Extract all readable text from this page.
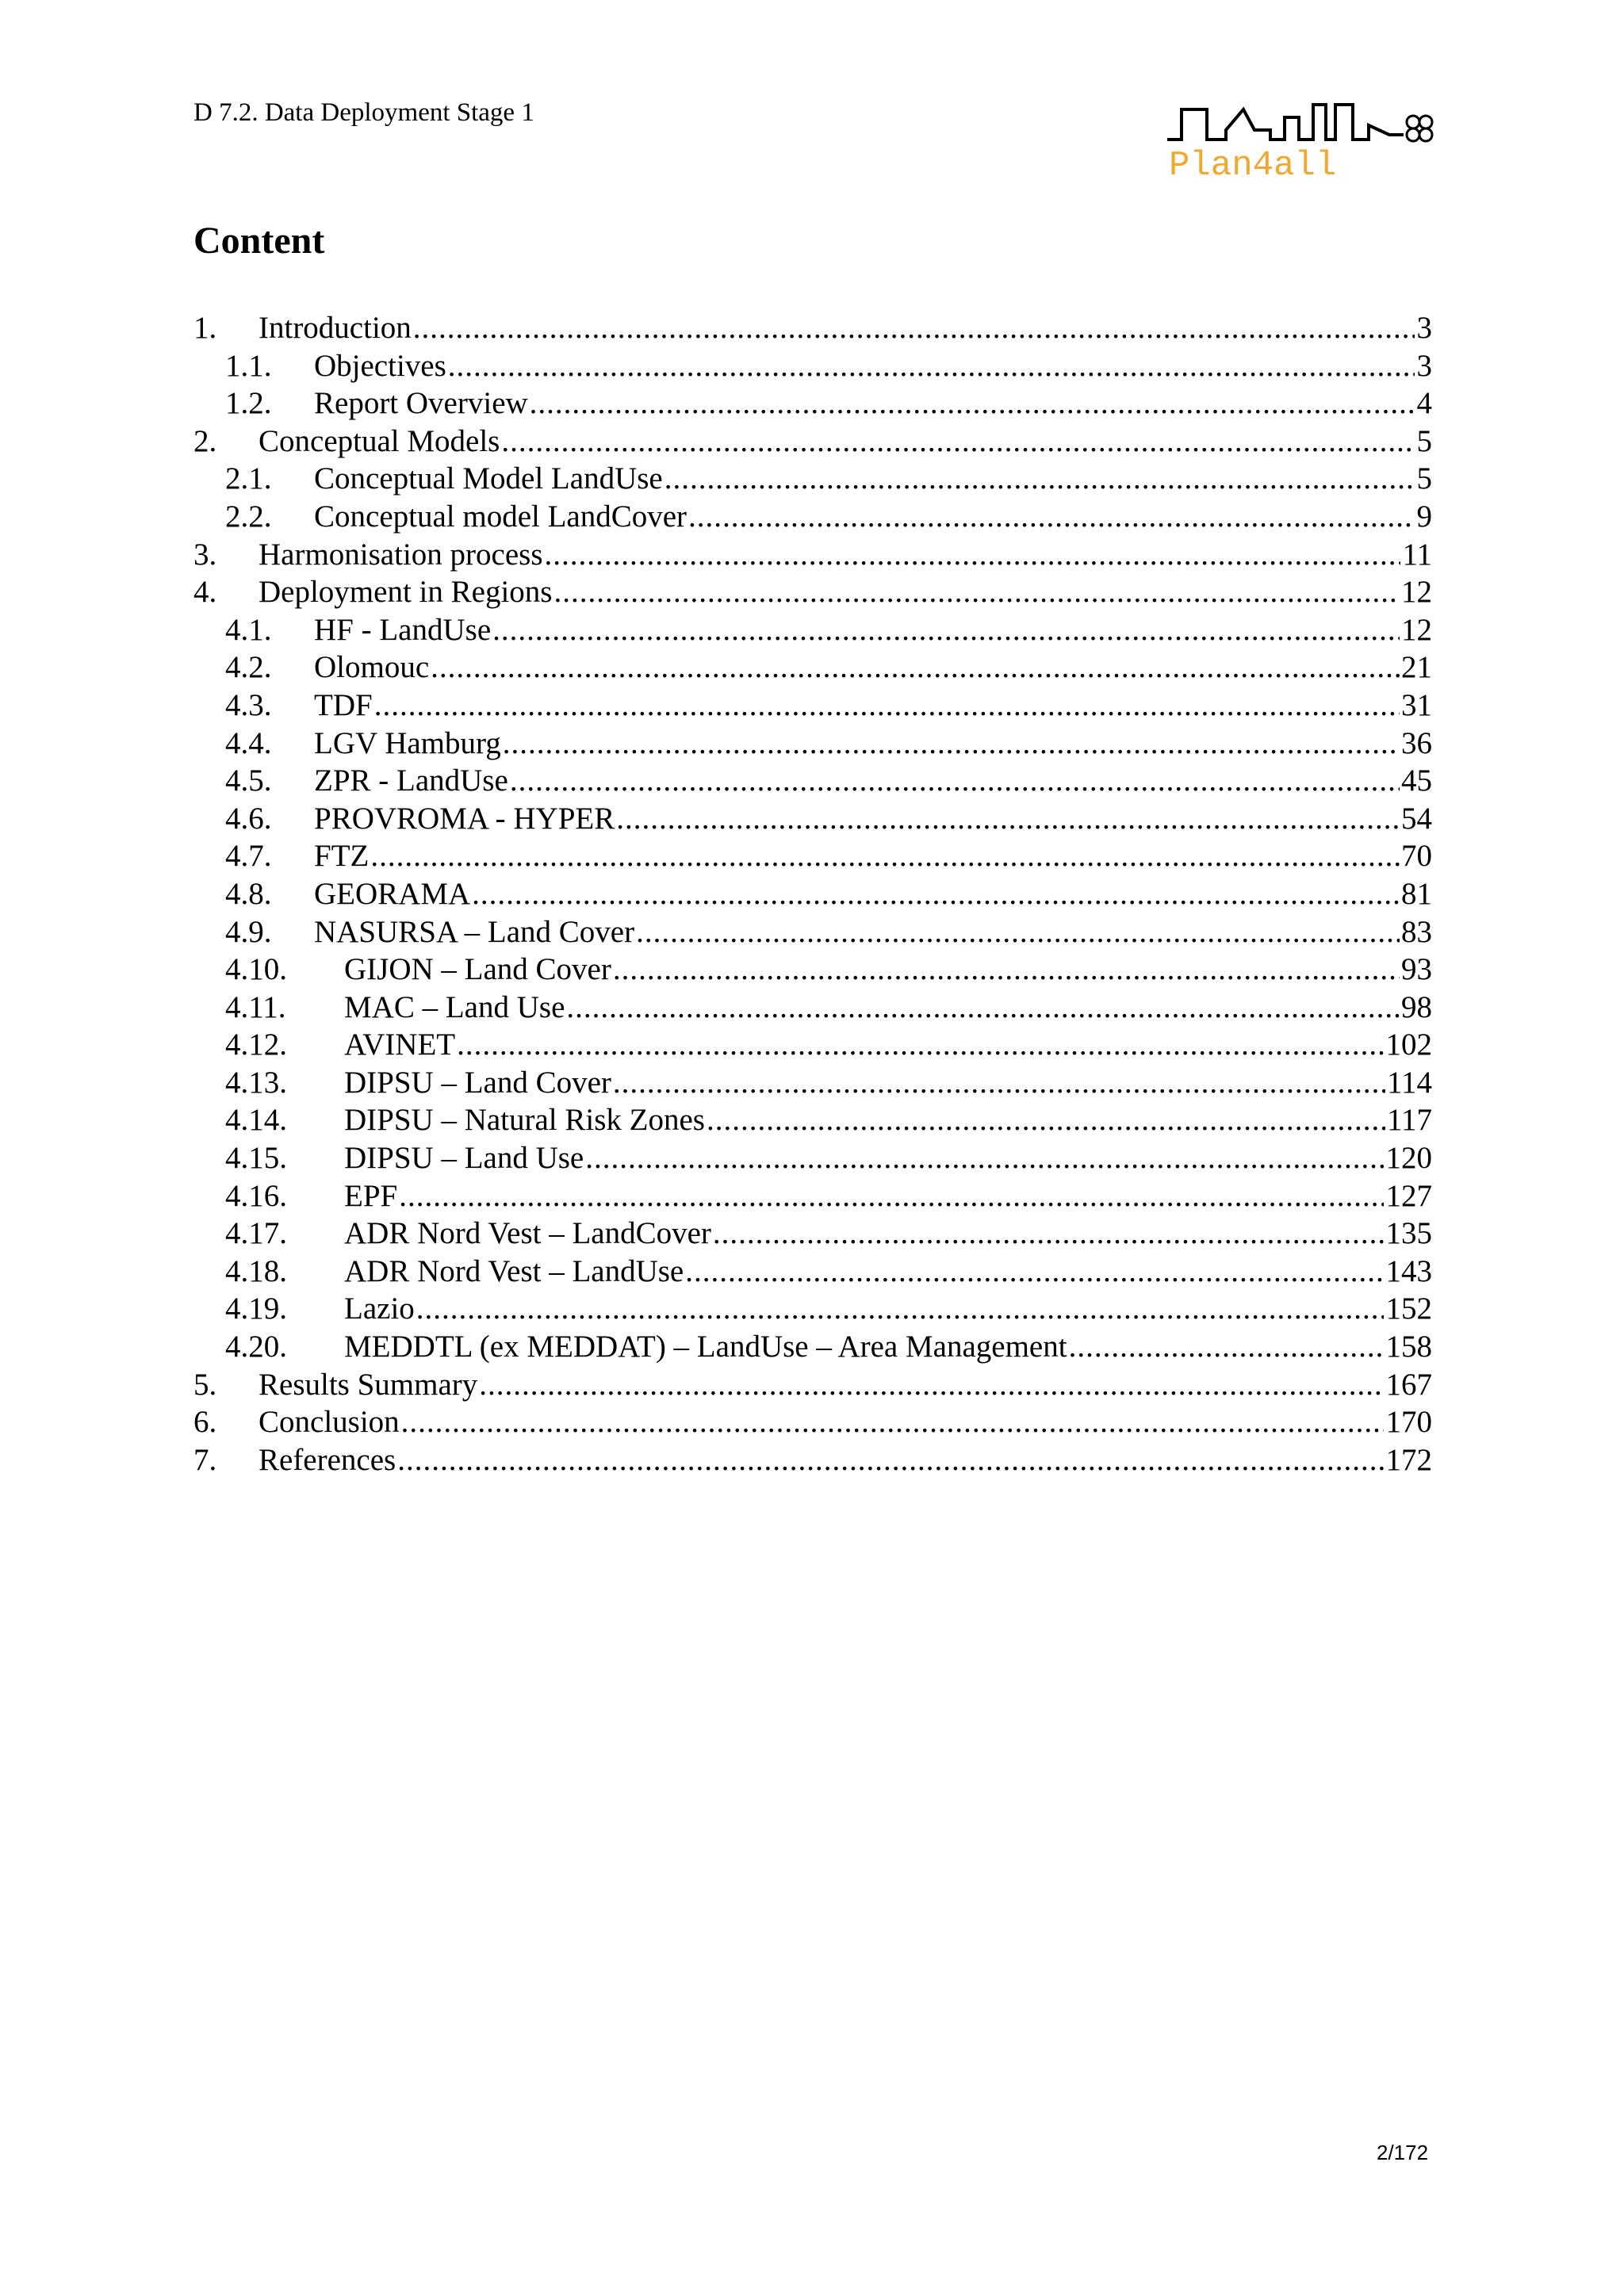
D 7.2. Data Deployment Stage 1
Plan4all
Content
1. Introduction .....	3
1.1. Objectives .....	3
1.2. Report Overview .....	4
2. Conceptual Models .....	5
2.1. Conceptual Model LandUse .....	5
2.2. Conceptual model LandCover .....	9
3. Harmonisation process .....	11
4. Deployment in Regions .....	12
4.1. HF - LandUse .....	12
4.2. Olomouc .....	21
4.3. TDF .....	31
4.4. LGV Hamburg .....	36
4.5. ZPR - LandUse .....	45
4.6. PROVROMA - HYPER .....	54
4.7. FTZ .....	70
4.8. GEORAMA .....	81
4.9. NASURSA – Land Cover .....	83
4.10. GIJON – Land Cover .....	93
4.11. MAC – Land Use .....	98
4.12. AVINET .....	102
4.13. DIPSU – Land Cover .....	114
4.14. DIPSU – Natural Risk Zones .....	117
4.15. DIPSU – Land Use .....	120
4.16. EPF .....	127
4.17. ADR Nord Vest – LandCover .....	135
4.18. ADR Nord Vest – LandUse .....	143
4.19. Lazio .....	152
4.20. MEDDTL (ex MEDDAT) – LandUse – Area Management .....	158
5. Results Summary .....	167
6. Conclusion .....	170
7. References .....	172
2/172
